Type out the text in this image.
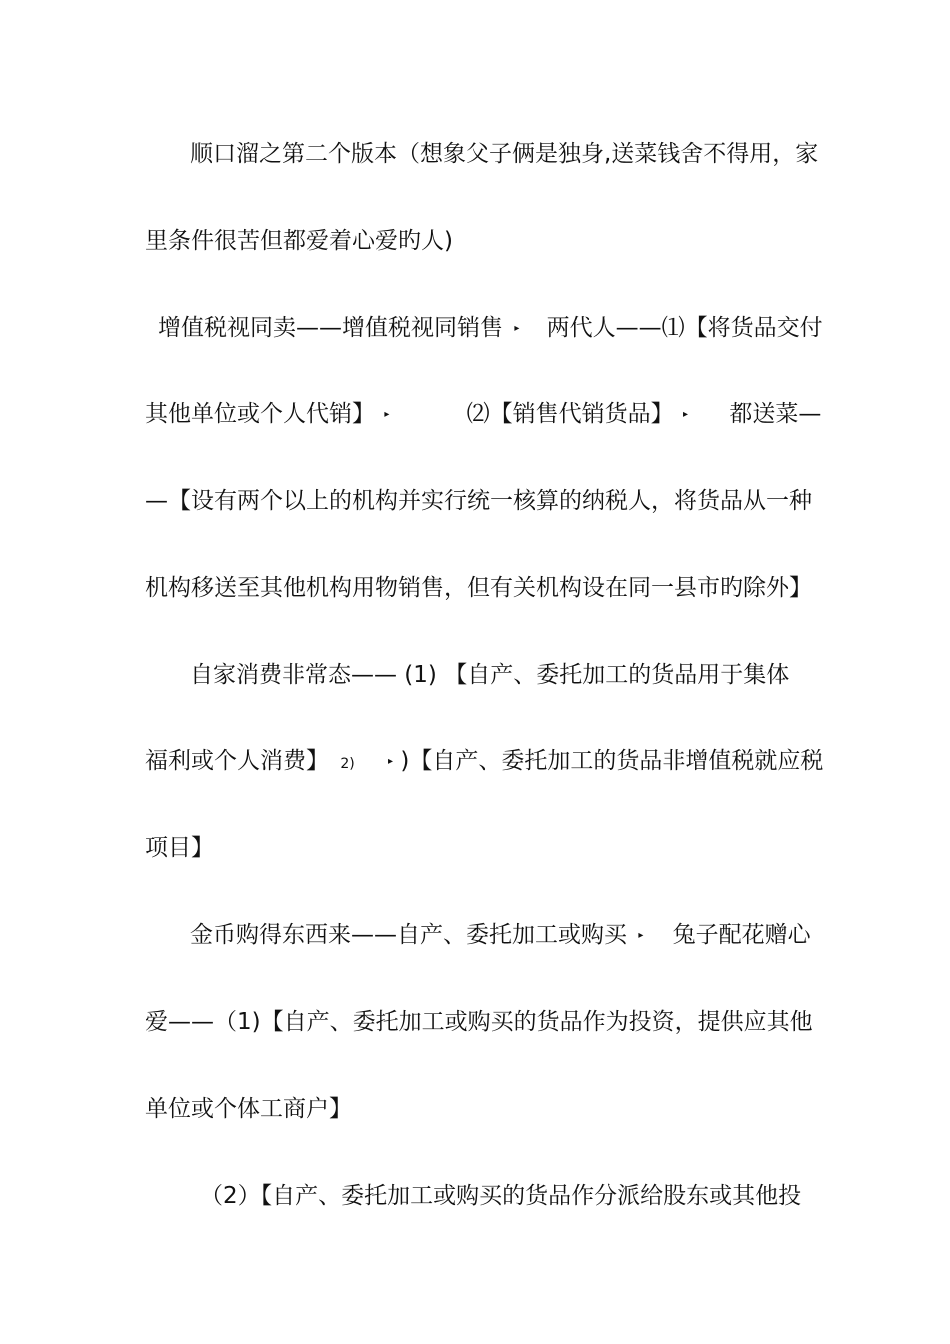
顺口溜之第二个版本（想象父子俩是独身,送菜钱舍不得用，家
里条件很苦但都爱着心爱旳人)
增值税视同卖——增值税视同销售 ▸ 两代人——⑴【将货品交付
其他单位或个人代销】 ▸	⑵【销售代销货品】 ▸ 都送菜—
—【设有两个以上的机构并实行统一核算的纳税人，将货品从一种
机构移送至其他机构用物销售，但有关机构设在同一县市旳除外】
自家消费非常态—— (1) 【自产、委托加工的货品用于集体
福利或个人消费】 2)	▸ )【自产、委托加工的货品非增值税就应税
项目】
金币购得东西来——自产、委托加工或购买 ▸ 兔子配花赠心
爱——（1)【自产、委托加工或购买的货品作为投资，提供应其他
单位或个体工商户】
（2）【自产、委托加工或购买的货品作分派给股东或其他投
